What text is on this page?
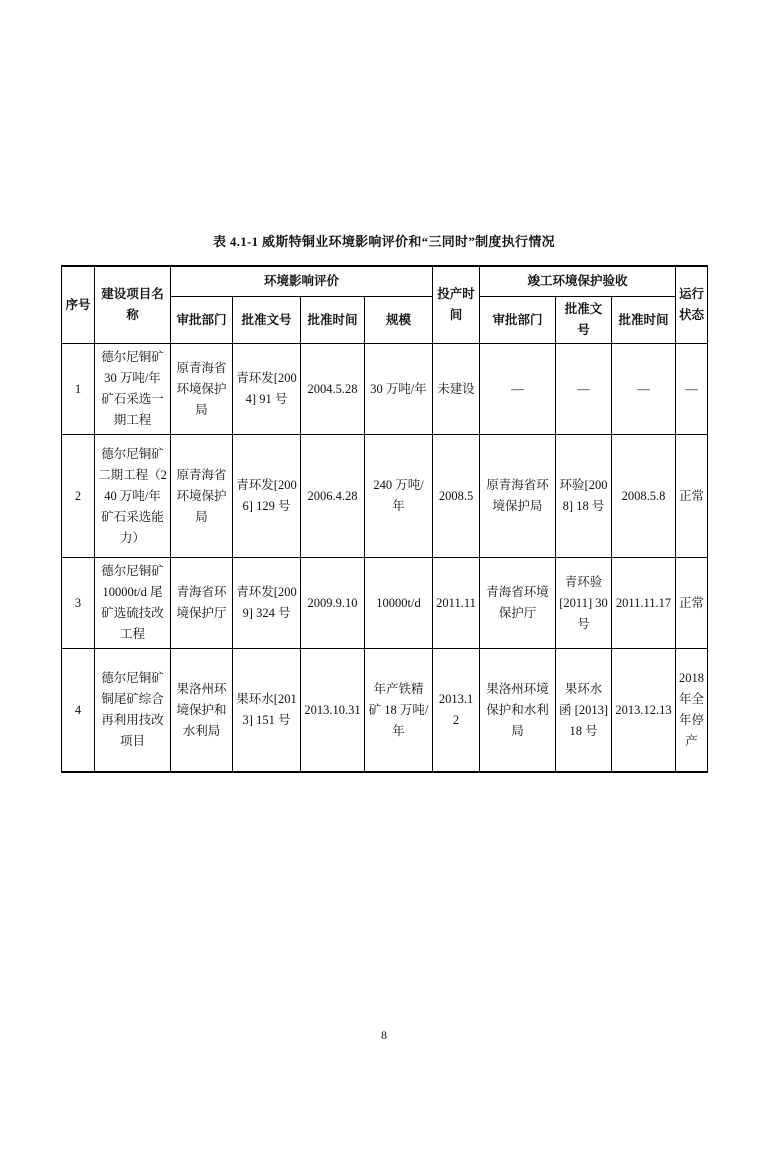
表 4.1-1 威斯特铜业环境影响评价和“三同时”制度执行情况
序号	建设项目名称	环境影响评价				投产时间	竣工环境保护验收			运行状态
		审批部门	批准文号	批准时间	规模		审批部门	批准文号	批准时间	
1	德尔尼铜矿 30 万吨/年矿石采选一期工程	原青海省环境保护局	青环发[2004] 91 号	2004.5.28	30 万吨/年	未建设	—	—	—	—
2	德尔尼铜矿二期工程（240 万吨/年矿石采选能力）	原青海省环境保护局	青环发[2006] 129 号	2006.4.28	240 万吨/年	2008.5	原青海省环境保护局	环验[2008] 18 号	2008.5.8	正常
3	德尔尼铜矿 10000t/d 尾矿选硫技改工程	青海省环境保护厅	青环发[2009] 324 号	2009.9.10	10000t/d	2011.11	青海省环境保护厅	青环验 [2011] 30 号	2011.11.17	正常
4	德尔尼铜矿铜尾矿综合再利用技改项目	果洛州环境保护和水利局	果环水[2013] 151 号	2013.10.31	年产铁精矿 18 万吨/年	2013.12	果洛州环境保护和水利局	果环水函 [2013] 18 号	2013.12.13	2018 年全年停产
8
